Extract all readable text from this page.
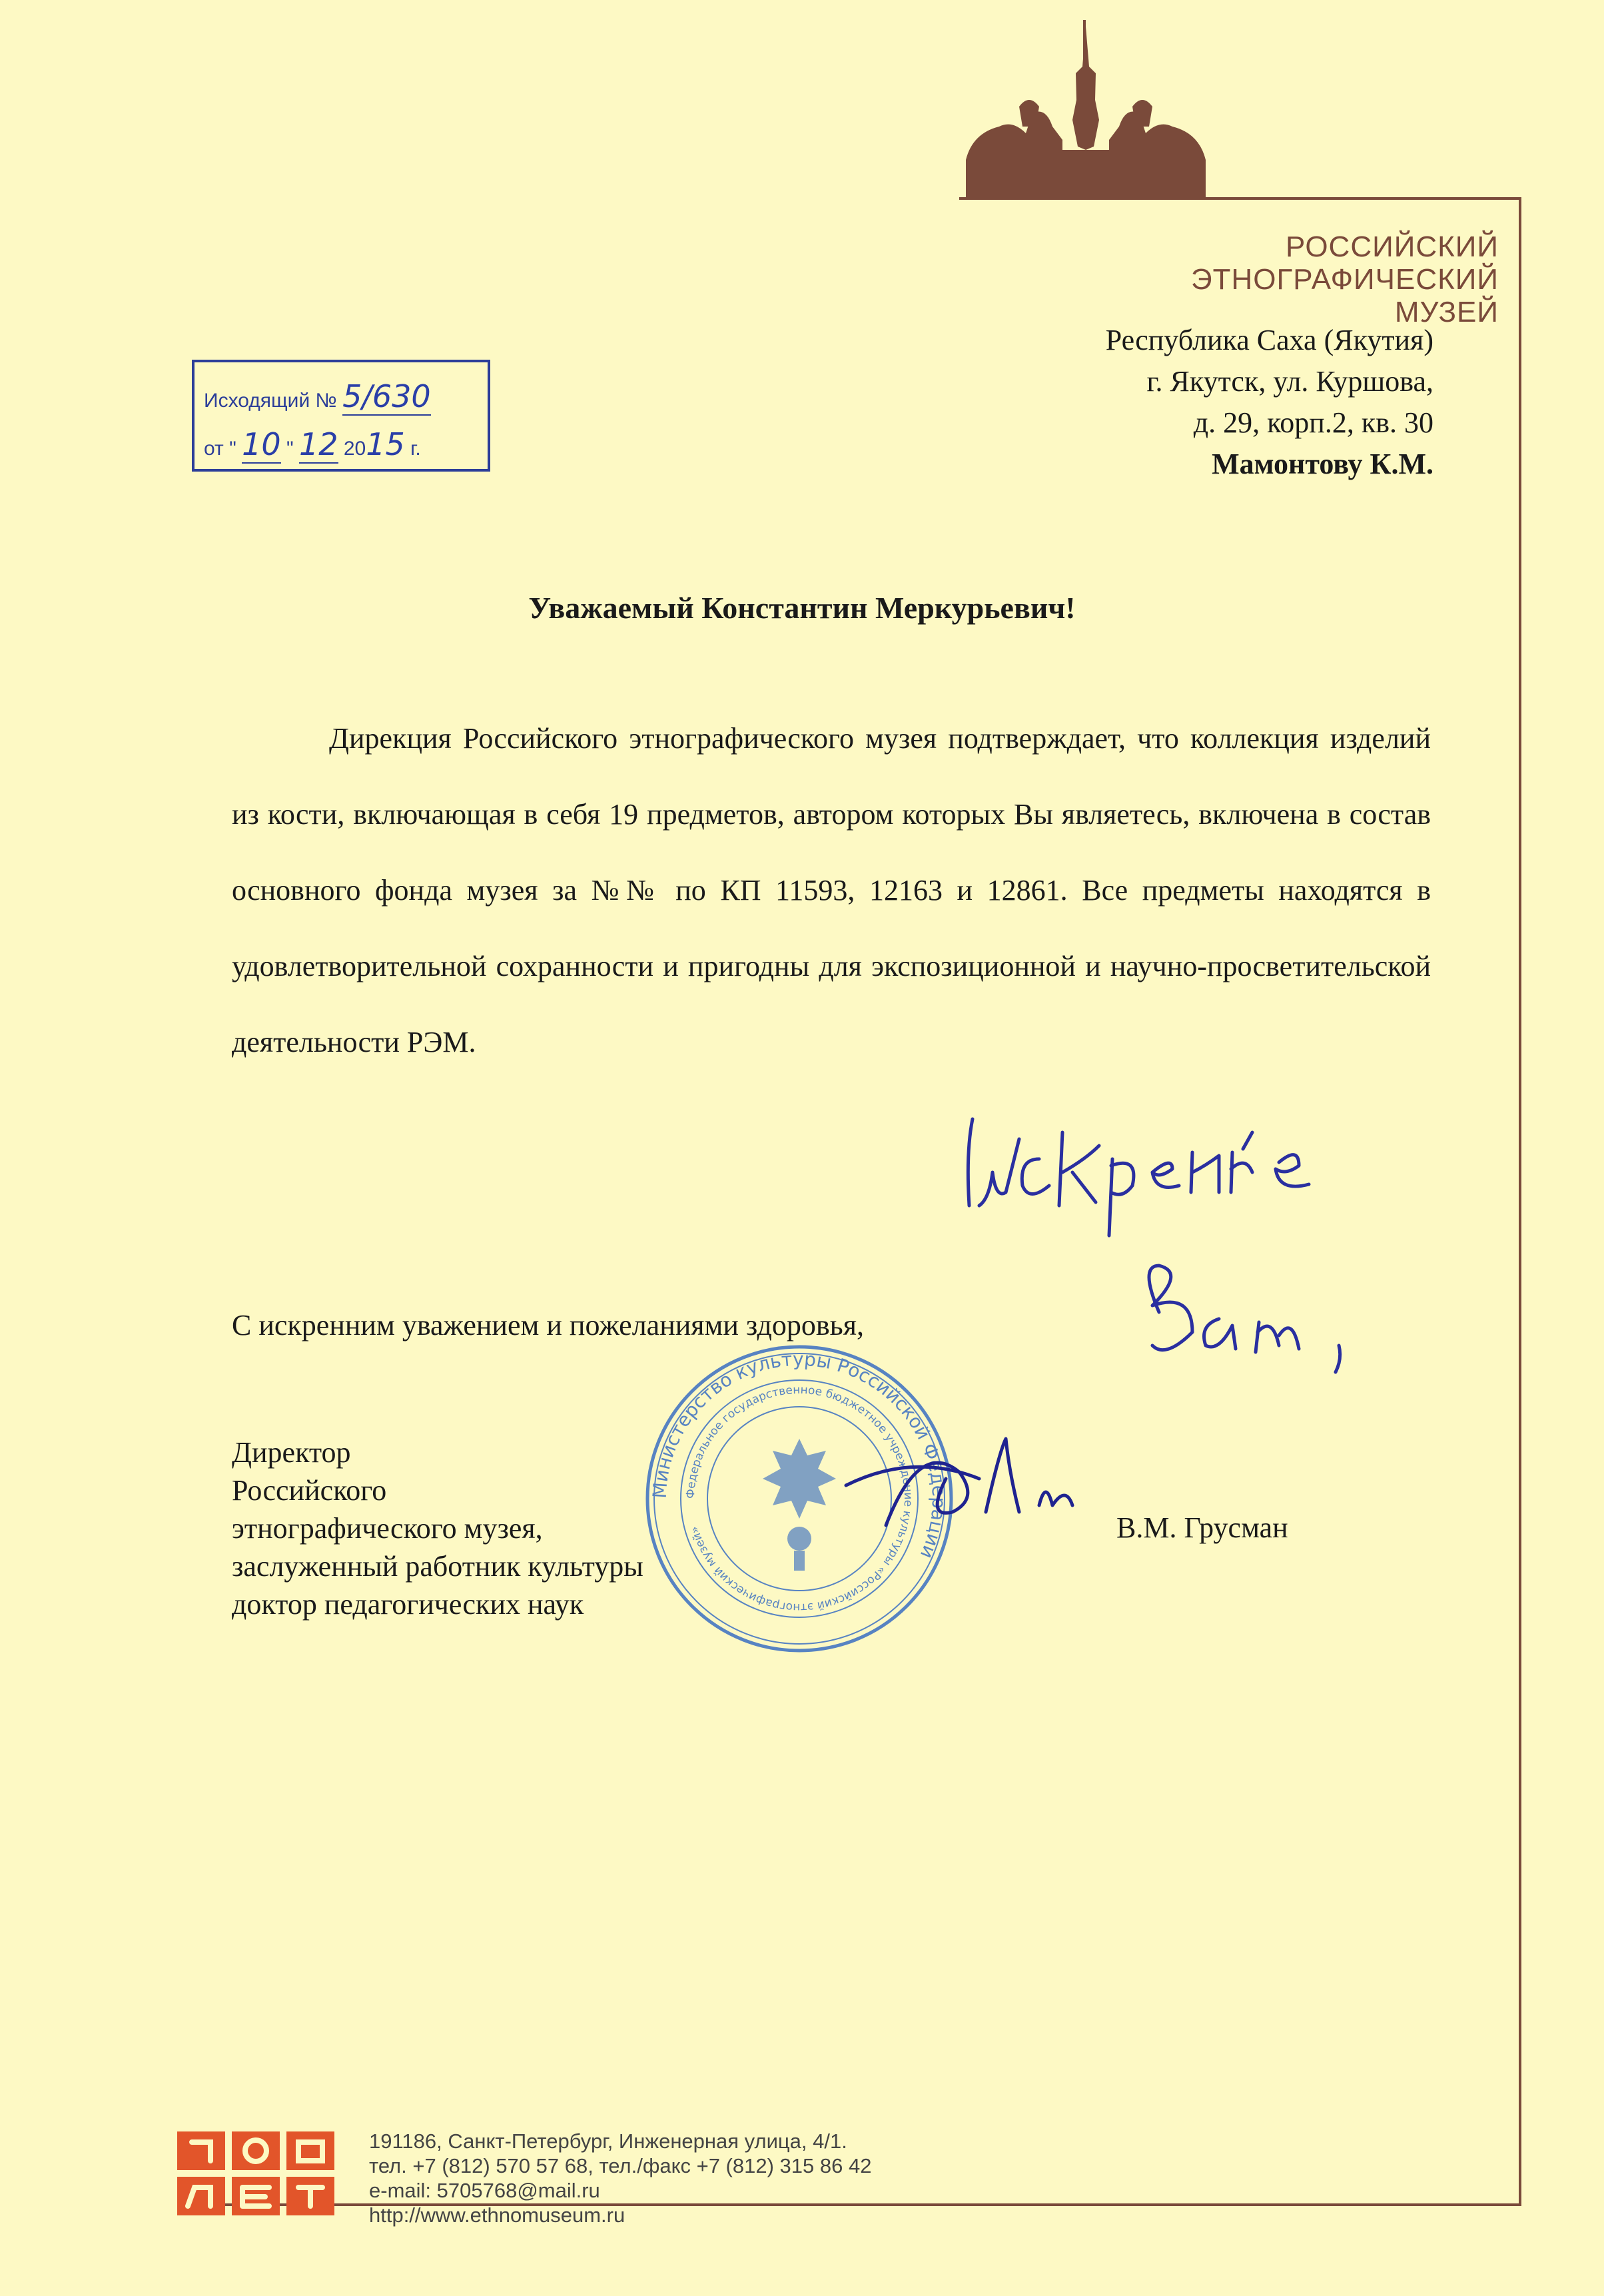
РОССИЙСКИЙ
ЭТНОГРАФИЧЕСКИЙ
МУЗЕЙ
Республика Саха (Якутия)
г. Якутск, ул. Куршова,
д. 29, корп.2, кв. 30
Мамонтову К.М.
Исходящий № 5/630
от " 10 " 12 2015 г.
Уважаемый Константин Меркурьевич!

Дирекция Российского этнографического музея подтверждает, что коллекция изделий из кости, включающая в себя 19 предметов, автором которых Вы являетесь, включена в состав основного фонда музея за №№ по КП 11593, 12163 и 12861. Все предметы находятся в удовлетворительной сохранности и пригодны для экспозиционной и научно-просветительской деятельности РЭМ.

С искренним уважением и пожеланиями здоровья,
Министерство культуры Российской Федерации
Федеральное государственное бюджетное учреждение культуры «Российский этнографический музей»
Директор
Российского
этнографического музея,
заслуженный работник культуры
доктор педагогических наук
В.М. Грусман
191186, Санкт-Петербург, Инженерная улица, 4/1.
тел. +7 (812) 570 57 68, тел./факс +7 (812) 315 86 42
e-mail: 5705768@mail.ru
http://www.ethnomuseum.ru
